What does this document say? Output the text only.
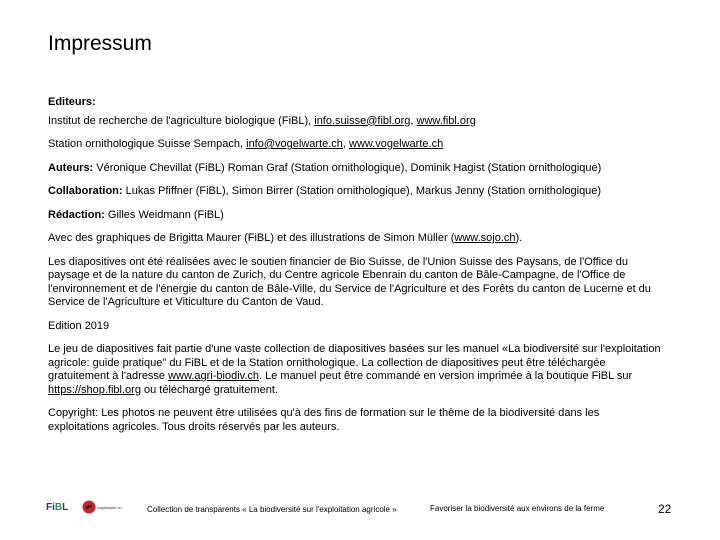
Impressum

Editeurs:

Institut de recherche de l'agriculture biologique (FiBL), info.suisse@fibl.org, www.fibl.org

Station ornithologique Suisse Sempach, info@vogelwarte.ch, www.vogelwarte.ch

Auteurs: Véronique Chevillat (FiBL) Roman Graf (Station ornithologique), Dominik Hagist (Station ornithologique)

Collaboration: Lukas Pfiffner (FiBL), Simon Birrer (Station ornithologique), Markus Jenny (Station ornithologique)

Rédaction: Gilles Weidmann (FiBL)

Avec des graphiques de Brigitta Maurer (FiBL) et des illustrations de Simon Müller (www.sojo.ch).

Les diapositives ont été réalisées avec le soutien financier de Bio Suisse, de l'Union Suisse des Paysans, de l'Office du paysage et de la nature du canton de Zurich, du Centre agricole Ebenrain du canton de Bâle-Campagne, de l'Office de l'environnement et de l'énergie du canton de Bâle-Ville, du Service de l'Agriculture et des Forêts du canton de Lucerne et du Service de l'Agriculture et Viticulture du Canton de Vaud.

Edition 2019

Le jeu de diapositives fait partie d'une vaste collection de diapositives basées sur les manuel «La biodiversité sur l'exploitation agricole: guide pratique" du FiBL et de la Station ornithologique. La collection de diapositives peut être téléchargée gratuitement à l'adresse www.agri-biodiv.ch. Le manuel peut être commandé en version imprimée à la boutique FiBL sur https://shop.fibl.org ou téléchargé gratuitement.

Copyright: Les photos ne peuvent être utilisées qu'à des fins de formation sur le thème de la biodiversité dans les exploitations agricoles. Tous droits réservés par les auteurs.

FiBL	vogelwarte.ch	Collection de transparents « La biodiversité sur l'exploitation agricole »	Favoriser la biodiversité aux environs de la ferme	22
